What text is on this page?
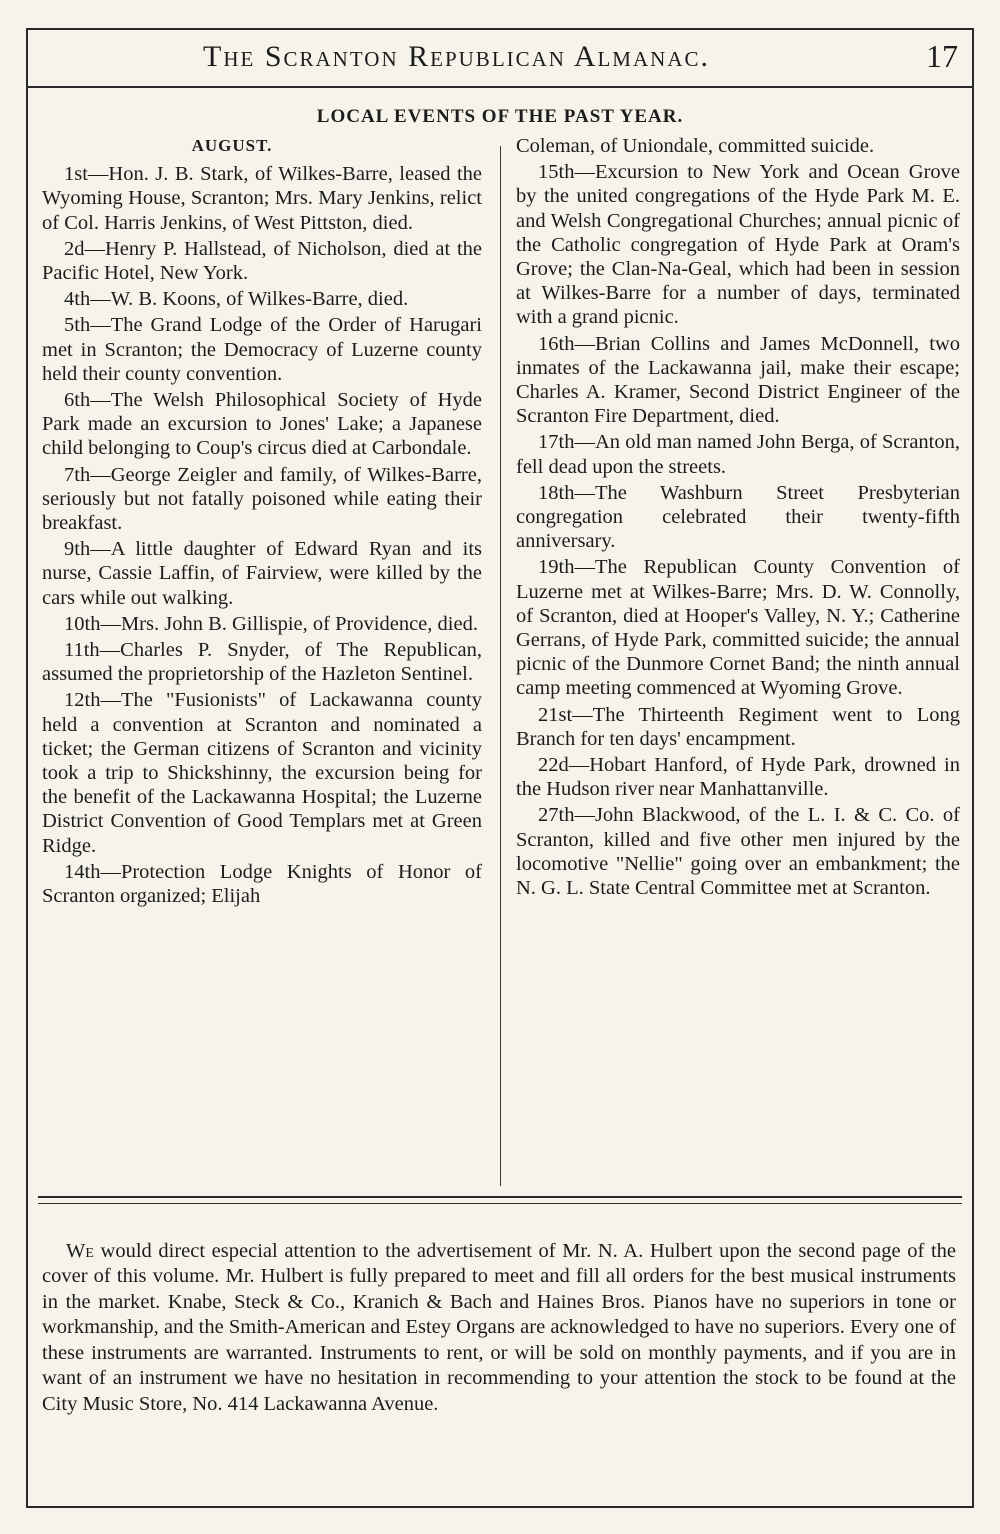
The Scranton Republican Almanac.	17
LOCAL EVENTS OF THE PAST YEAR.
AUGUST.

1st—Hon. J. B. Stark, of Wilkes-Barre, leased the Wyoming House, Scranton; Mrs. Mary Jenkins, relict of Col. Harris Jenkins, of West Pittston, died.

2d—Henry P. Hallstead, of Nicholson, died at the Pacific Hotel, New York.

4th—W. B. Koons, of Wilkes-Barre, died.

5th—The Grand Lodge of the Order of Harugari met in Scranton; the Democracy of Luzerne county held their county convention.

6th—The Welsh Philosophical Society of Hyde Park made an excursion to Jones' Lake; a Japanese child belonging to Coup's circus died at Carbondale.

7th—George Zeigler and family, of Wilkes-Barre, seriously but not fatally poisoned while eating their breakfast.

9th—A little daughter of Edward Ryan and its nurse, Cassie Laffin, of Fairview, were killed by the cars while out walking.

10th—Mrs. John B. Gillispie, of Providence, died.

11th—Charles P. Snyder, of The Republican, assumed the proprietorship of the Hazleton Sentinel.

12th—The "Fusionists" of Lackawanna county held a convention at Scranton and nominated a ticket; the German citizens of Scranton and vicinity took a trip to Shickshinny, the excursion being for the benefit of the Lackawanna Hospital; the Luzerne District Convention of Good Templars met at Green Ridge.

14th—Protection Lodge Knights of Honor of Scranton organized; Elijah

Coleman, of Uniondale, committed suicide.

15th—Excursion to New York and Ocean Grove by the united congregations of the Hyde Park M. E. and Welsh Congregational Churches; annual picnic of the Catholic congregation of Hyde Park at Oram's Grove; the Clan-Na-Geal, which had been in session at Wilkes-Barre for a number of days, terminated with a grand picnic.

16th—Brian Collins and James McDonnell, two inmates of the Lackawanna jail, make their escape; Charles A. Kramer, Second District Engineer of the Scranton Fire Department, died.

17th—An old man named John Berga, of Scranton, fell dead upon the streets.

18th—The Washburn Street Presbyterian congregation celebrated their twenty-fifth anniversary.

19th—The Republican County Convention of Luzerne met at Wilkes-Barre; Mrs. D. W. Connolly, of Scranton, died at Hooper's Valley, N. Y.; Catherine Gerrans, of Hyde Park, committed suicide; the annual picnic of the Dunmore Cornet Band; the ninth annual camp meeting commenced at Wyoming Grove.

21st—The Thirteenth Regiment went to Long Branch for ten days' encampment.

22d—Hobart Hanford, of Hyde Park, drowned in the Hudson river near Manhattanville.

27th—John Blackwood, of the L. I. & C. Co. of Scranton, killed and five other men injured by the locomotive "Nellie" going over an embankment; the N. G. L. State Central Committee met at Scranton.

We would direct especial attention to the advertisement of Mr. N. A. Hulbert upon the second page of the cover of this volume. Mr. Hulbert is fully prepared to meet and fill all orders for the best musical instruments in the market. Knabe, Steck & Co., Kranich & Bach and Haines Bros. Pianos have no superiors in tone or workmanship, and the Smith-American and Estey Organs are acknowledged to have no superiors. Every one of these instruments are warranted. Instruments to rent, or will be sold on monthly payments, and if you are in want of an instrument we have no hesitation in recommending to your attention the stock to be found at the City Music Store, No. 414 Lackawanna Avenue.
